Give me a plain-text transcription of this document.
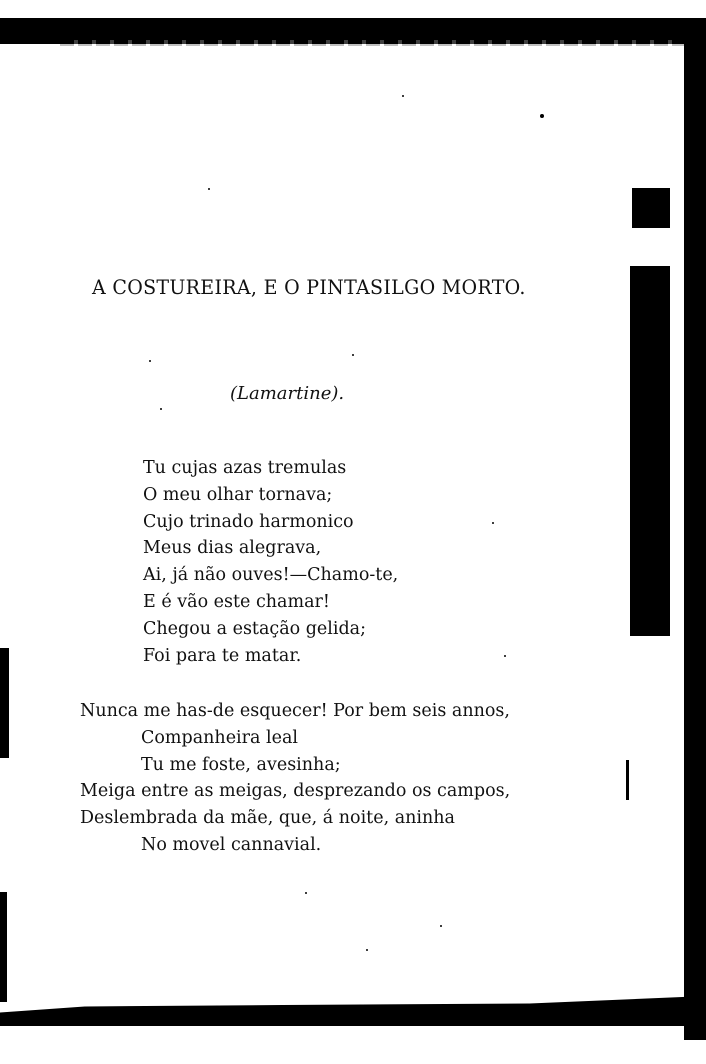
A COSTUREIRA, E O PINTASILGO MORTO.
(Lamartine).
Tu cujas azas tremulas
O meu olhar tornava;
Cujo trinado harmonico
Meus dias alegrava,
Ai, já não ouves!—Chamo-te,
E é vão este chamar!
Chegou a estação gelida;
Foi para te matar.
Nunca me has-de esquecer! Por bem seis annos,
Companheira leal
Tu me foste, avesinha;
Meiga entre as meigas, desprezando os campos,
Deslembrada da mãe, que, á noite, aninha
No movel cannavial.
